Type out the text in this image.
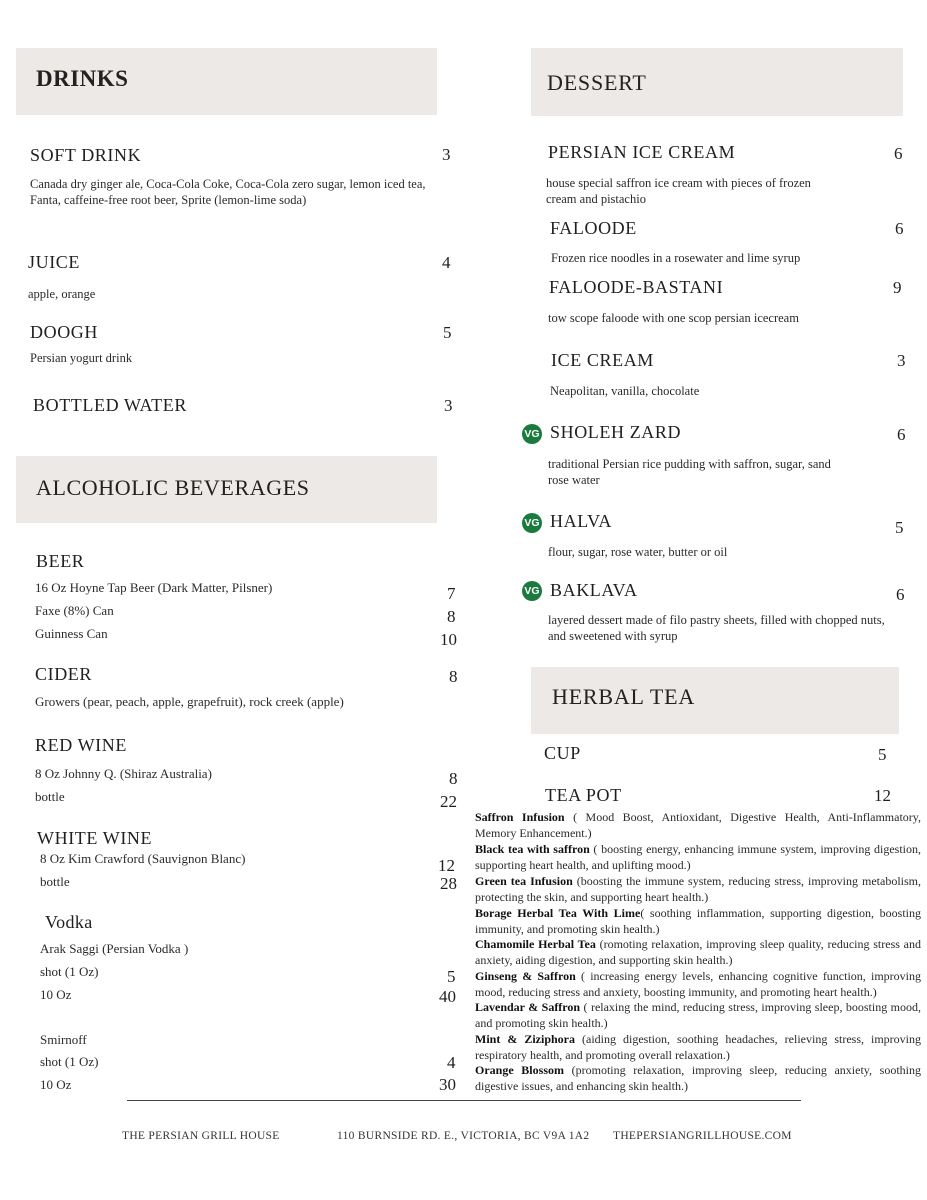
DRINKS
SOFT DRINK	3
Canada dry ginger ale, Coca-Cola Coke, Coca-Cola zero sugar, lemon iced tea, Fanta, caffeine-free root beer, Sprite (lemon-lime soda)
JUICE	4
apple, orange
DOOGH	5
Persian yogurt drink
BOTTLED WATER	3
ALCOHOLIC BEVERAGES
BEER
16 Oz Hoyne Tap Beer (Dark Matter, Pilsner)	7
Faxe (8%) Can	8
Guinness Can	10
CIDER	8
Growers (pear, peach, apple, grapefruit), rock creek (apple)
RED WINE
8 Oz Johnny Q. (Shiraz Australia)	8
bottle	22
WHITE WINE
8 Oz Kim Crawford (Sauvignon Blanc)	12
bottle	28
Vodka
Arak Saggi (Persian Vodka )
shot (1 Oz)	5
10 Oz	40
Smirnoff
shot (1 Oz)	4
10 Oz	30
DESSERT
PERSIAN ICE CREAM	6
house special saffron ice cream with pieces of frozen cream and pistachio
FALOODE	6
Frozen rice noodles in a rosewater and lime syrup
FALOODE-BASTANI	9
tow scope faloode with one scop persian icecream
ICE CREAM	3
Neapolitan, vanilla, chocolate
VG SHOLEH ZARD	6
traditional Persian rice pudding with saffron, sugar, sand rose water
VG HALVA	5
flour, sugar, rose water, butter or oil
VG BAKLAVA	6
layered dessert made of filo pastry sheets, filled with chopped nuts, and sweetened with syrup
HERBAL TEA
CUP	5
TEA POT	12
Saffron Infusion ( Mood Boost, Antioxidant, Digestive Health, Anti-Inflammatory, Memory Enhancement.)
Black tea with saffron ( boosting energy, enhancing immune system, improving digestion, supporting heart health, and uplifting mood.)
Green tea Infusion (boosting the immune system, reducing stress, improving metabolism, protecting the skin, and supporting heart health.)
Borage Herbal Tea With Lime( soothing inflammation, supporting digestion, boosting immunity, and promoting skin health.)
Chamomile Herbal Tea (romoting relaxation, improving sleep quality, reducing stress and anxiety, aiding digestion, and supporting skin health.)
Ginseng & Saffron ( increasing energy levels, enhancing cognitive function, improving mood, reducing stress and anxiety, boosting immunity, and promoting heart health.)
Lavendar & Saffron ( relaxing the mind, reducing stress, improving sleep, boosting mood, and promoting skin health.)
Mint & Ziziphora (aiding digestion, soothing headaches, relieving stress, improving respiratory health, and promoting overall relaxation.)
Orange Blossom (promoting relaxation, improving sleep, reducing anxiety, soothing digestive issues, and enhancing skin health.)
THE PERSIAN GRILL HOUSE	110 BURNSIDE RD. E., VICTORIA, BC V9A 1A2 THEPERSIANGRILLHOUSE.COM
